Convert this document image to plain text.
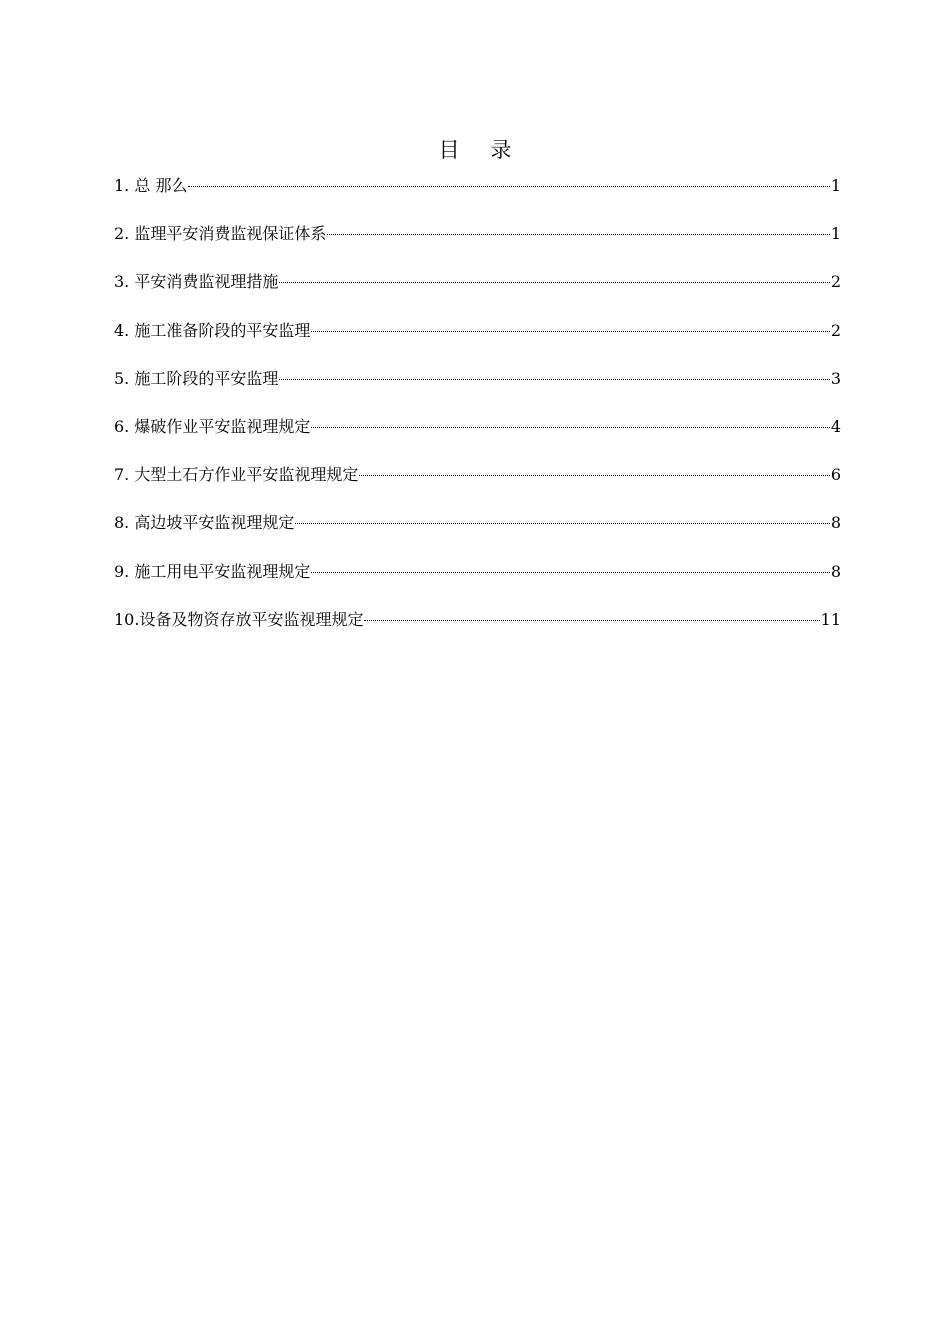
目 录
1. 总 那么	1
2. 监理平安消费监视保证体系	1
3. 平安消费监视理措施	2
4. 施工准备阶段的平安监理	2
5. 施工阶段的平安监理	3
6. 爆破作业平安监视理规定	4
7. 大型土石方作业平安监视理规定	6
8. 高边坡平安监视理规定	8
9. 施工用电平安监视理规定	8
10.设备及物资存放平安监视理规定	11
